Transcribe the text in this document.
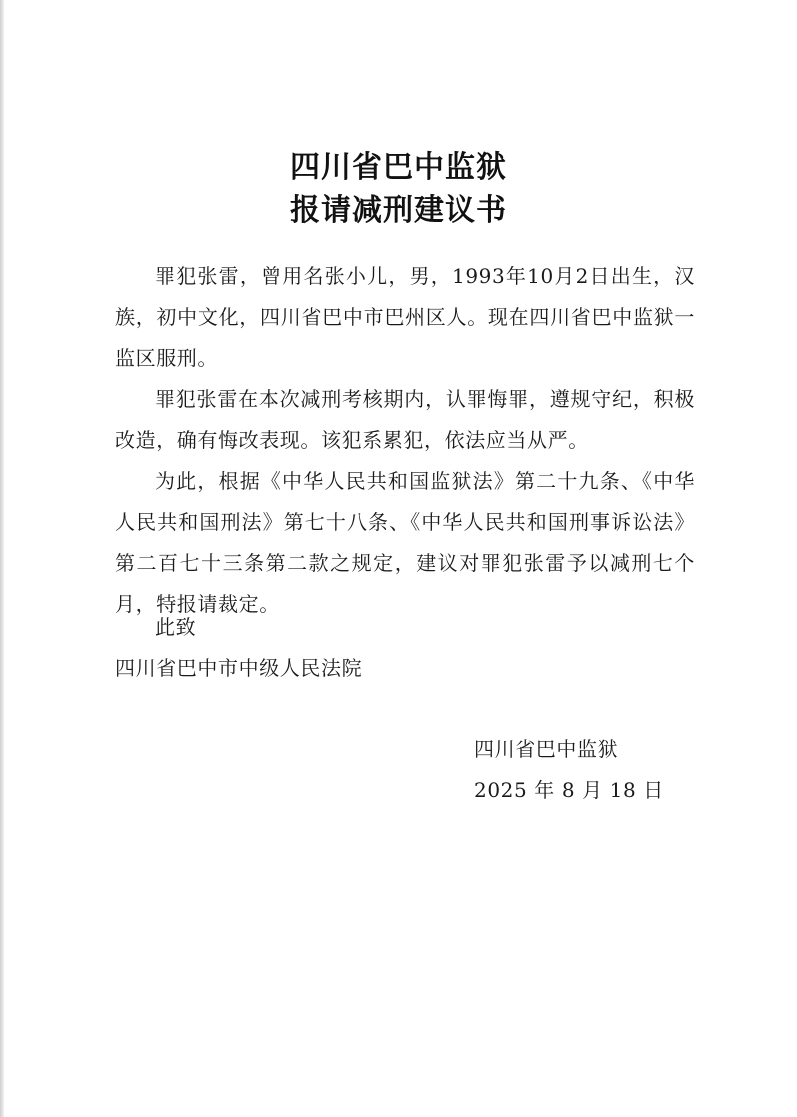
四川省巴中监狱
报请减刑建议书

罪犯张雷，曾用名张小儿，男，1993年10月2日出生，汉族，初中文化，四川省巴中市巴州区人。现在四川省巴中监狱一监区服刑。

罪犯张雷在本次减刑考核期内，认罪悔罪，遵规守纪，积极改造，确有悔改表现。该犯系累犯，依法应当从严。

为此，根据《中华人民共和国监狱法》第二十九条、《中华人民共和国刑法》第七十八条、《中华人民共和国刑事诉讼法》第二百七十三条第二款之规定，建议对罪犯张雷予以减刑七个月，特报请裁定。

此致
四川省巴中市中级人民法院
四川省巴中监狱
2025 年 8 月 18 日
